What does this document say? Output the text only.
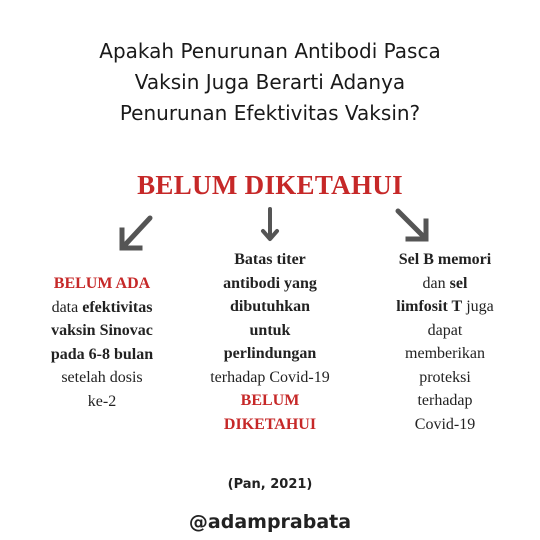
Apakah Penurunan Antibodi Pasca
Vaksin Juga Berarti Adanya
Penurunan Efektivitas Vaksin?
BELUM DIKETAHUI
BELUM ADA
data efektivitas
vaksin Sinovac
pada 6-8 bulan
setelah dosis
ke-2
Batas titer
antibodi yang
dibutuhkan
untuk
perlindungan
terhadap Covid-19
BELUM
DIKETAHUI
Sel B memori
dan sel
limfosit T juga
dapat
memberikan
proteksi
terhadap
Covid-19
(Pan, 2021)
@adamprabata
